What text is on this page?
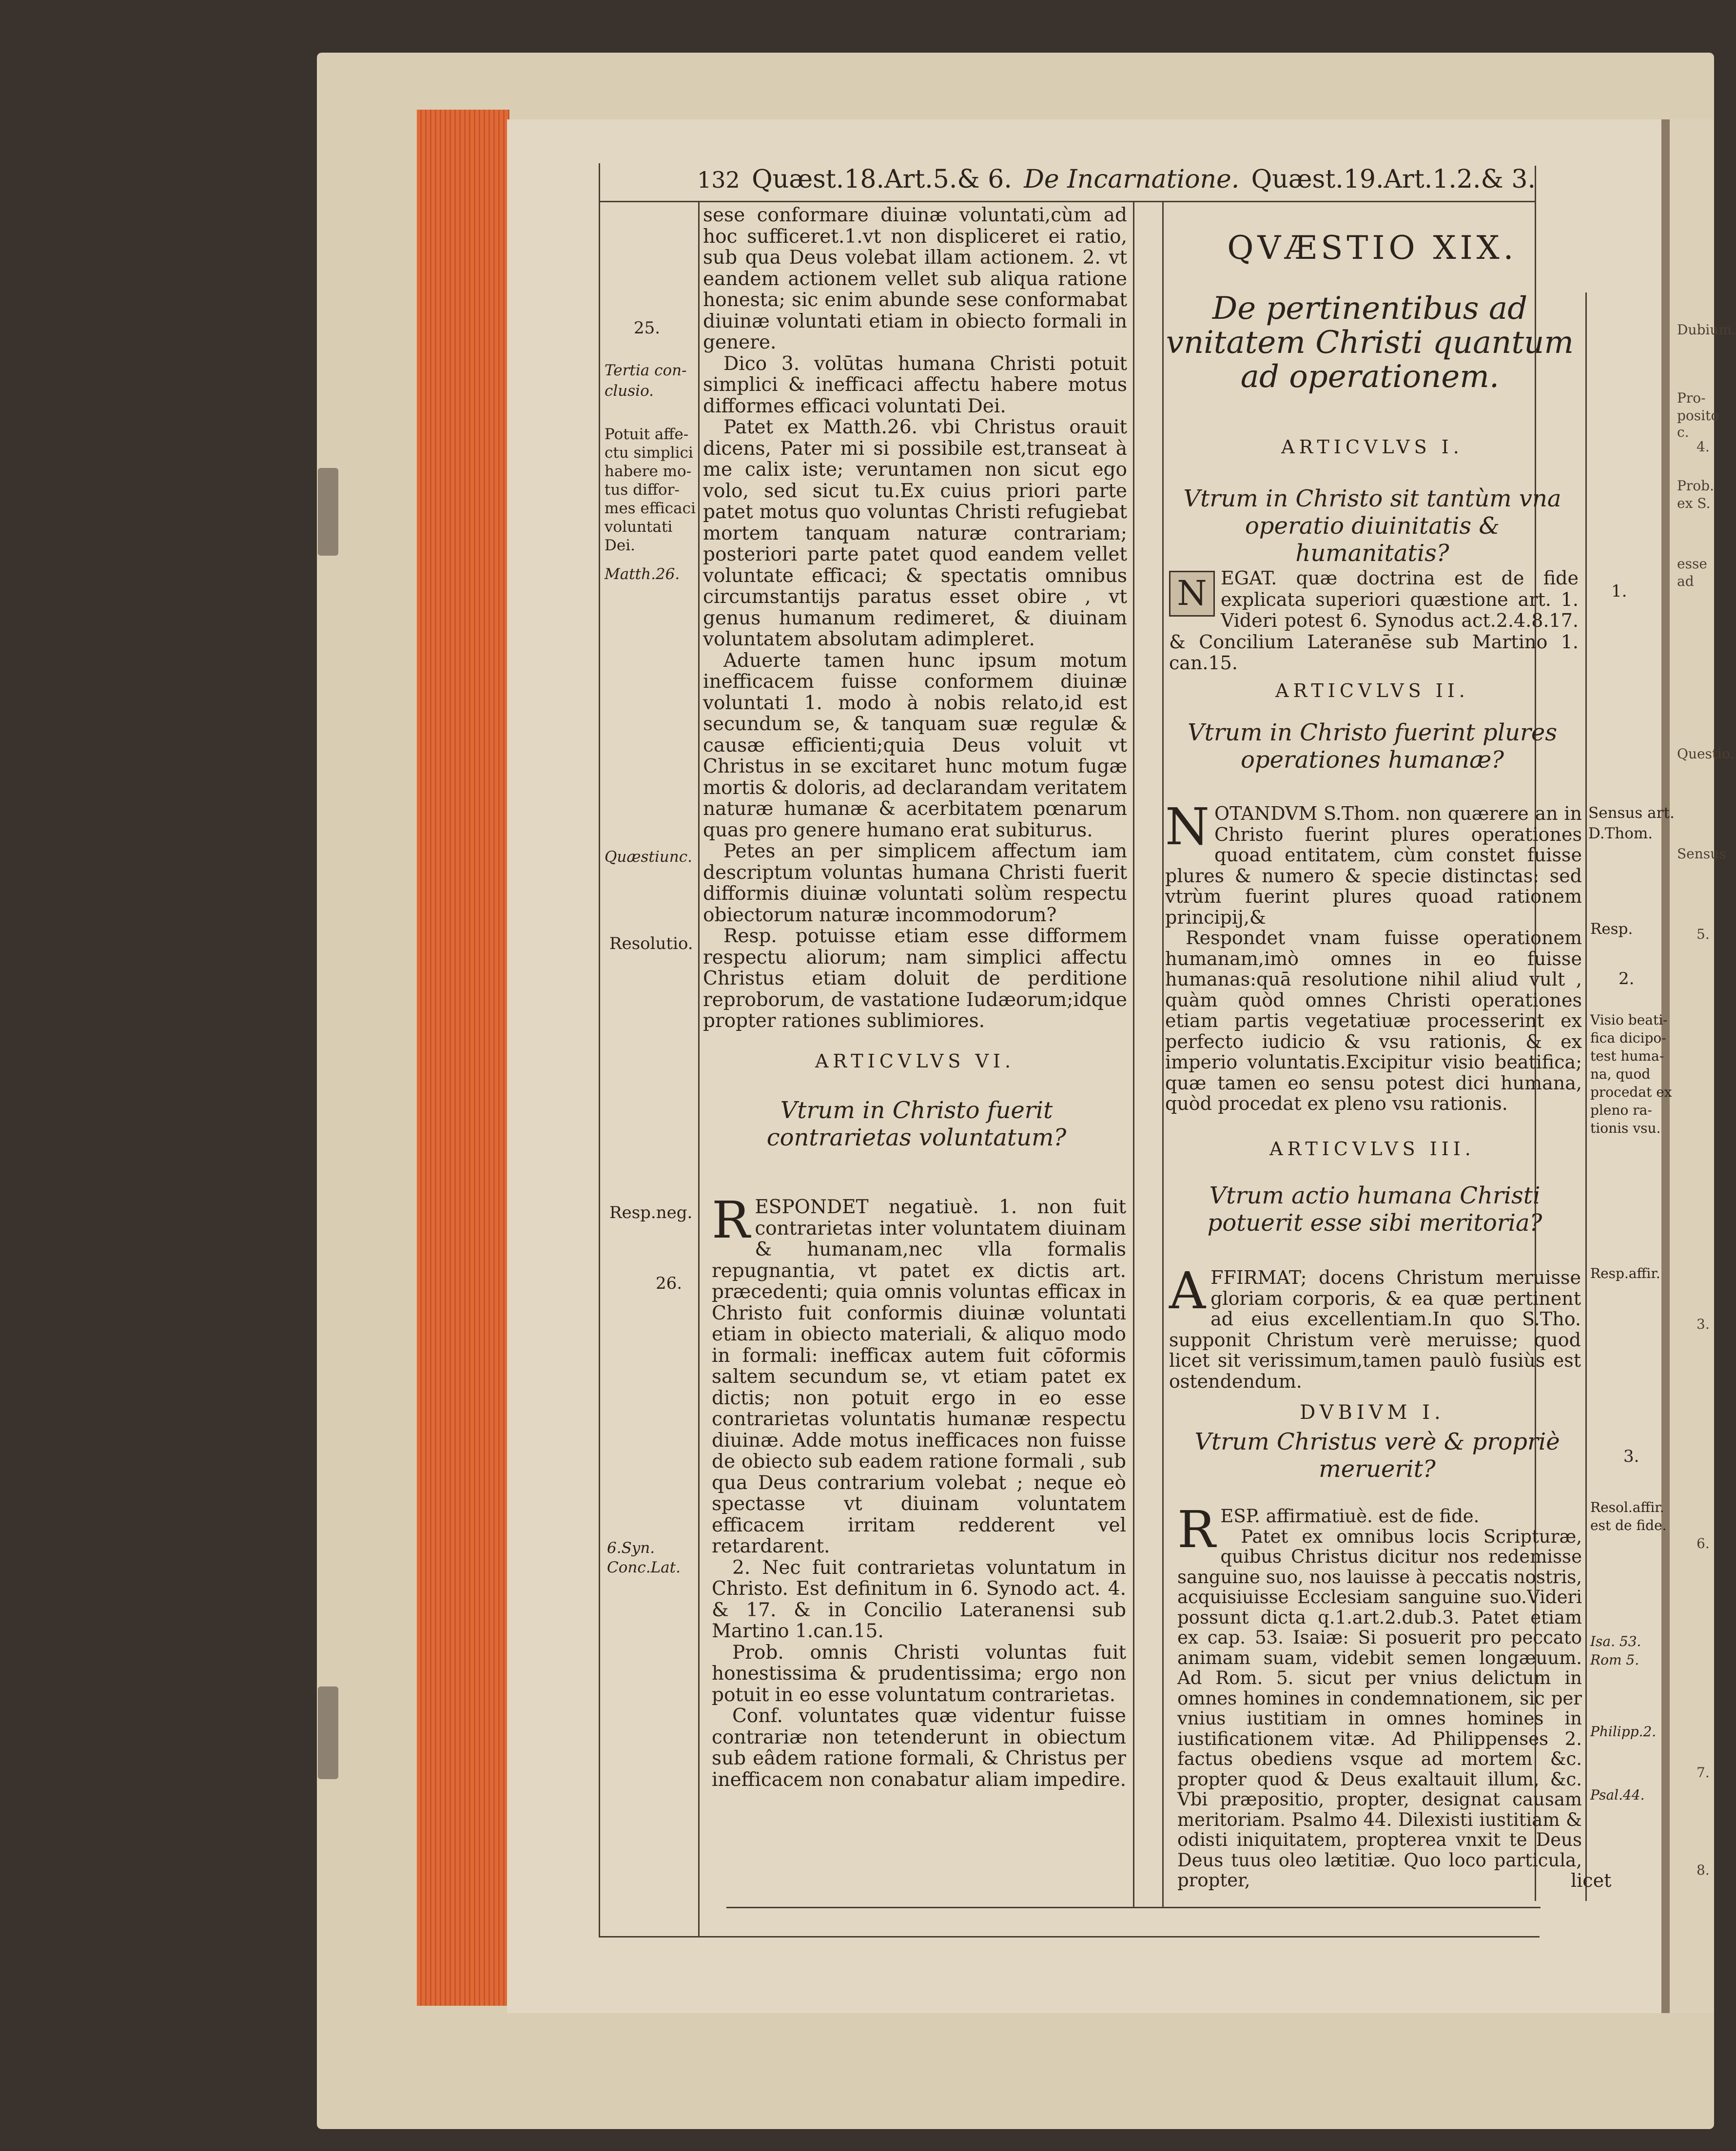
132 Quæst.18.Art.5.& 6. De Incarnatione. Quæst.19.Art.1.2.& 3.

25.

Tertia con-

clusio.

Potuit affe-

ctu simplici

habere mo-

tus diffor-

mes efficaci

voluntati

Dei.

Matth.26.

Quæstiunc.

Resolutio.

Resp.neg.

26.

6.Syn.

Conc.Lat.

sese conformare diuinæ voluntati,cùm ad hoc sufficeret.1.vt non displiceret ei ratio, sub qua Deus volebat illam actionem. 2. vt eandem actionem vellet sub aliqua ratione honesta; sic enim abunde sese conformabat diuinæ voluntati etiam in obiecto formali in genere.

Dico 3. volūtas humana Christi potuit simplici & inefficaci affectu habere motus difformes efficaci voluntati Dei.

Patet ex Matth.26. vbi Christus orauit dicens, Pater mi si possibile est,transeat à me calix iste; veruntamen non sicut ego volo, sed sicut tu.Ex cuius priori parte patet motus quo voluntas Christi refugiebat mortem tanquam naturæ contrariam; posteriori parte patet quod eandem vellet voluntate efficaci; & spectatis omnibus circumstantijs paratus esset obire , vt genus humanum redimeret, & diuinam voluntatem absolutam adimpleret.

Aduerte tamen hunc ipsum motum inefficacem fuisse conformem diuinæ voluntati 1. modo à nobis relato,id est secundum se, & tanquam suæ regulæ & causæ efficienti;quia Deus voluit vt Christus in se excitaret hunc motum fugæ mortis & doloris, ad declarandam veritatem naturæ humanæ & acerbitatem pœnarum quas pro genere humano erat subiturus.

Petes an per simplicem affectum iam descriptum voluntas humana Christi fuerit difformis diuinæ voluntati solùm respectu obiectorum naturæ incommodorum?

Resp. potuisse etiam esse difformem respectu aliorum; nam simplici affectu Christus etiam doluit de perditione reproborum, de vastatione Iudæorum;idque propter rationes sublimiores.

ARTICVLVS VI.

Vtrum in Christo fuerit contrarietas voluntatum?

RESPONDET negatiuè. 1. non fuit contrarietas inter voluntatem diuinam & humanam,nec vlla formalis repugnantia, vt patet ex dictis art. præcedenti; quia omnis voluntas efficax in Christo fuit conformis diuinæ voluntati etiam in obiecto materiali, & aliquo modo in formali: inefficax autem fuit cōformis saltem secundum se, vt etiam patet ex dictis; non potuit ergo in eo esse contrarietas voluntatis humanæ respectu diuinæ. Adde motus inefficaces non fuisse de obiecto sub eadem ratione formali , sub qua Deus contrarium volebat ; neque eò spectasse vt diuinam voluntatem efficacem irritam redderent vel retardarent.

2. Nec fuit contrarietas voluntatum in Christo. Est definitum in 6. Synodo act. 4. & 17. & in Concilio Lateranensi sub Martino 1.can.15.

Prob. omnis Christi voluntas fuit honestissima & prudentissima; ergo non potuit in eo esse voluntatum contrarietas.

Conf. voluntates quæ videntur fuisse contrariæ non tetenderunt in obiectum sub eâdem ratione formali, & Christus per inefficacem non conabatur aliam impedire.

QVÆSTIO XIX.

De pertinentibus ad vnitatem Christi quantum ad operationem.

ARTICVLVS I.

Vtrum in Christo sit tantùm vna operatio diuinitatis & humanitatis?

N EGAT. quæ doctrina est de fide explicata superiori quæstione art. 1. Videri potest 6. Synodus act.2.4.8.17. & Concilium Lateranēse sub Martino 1. can.15.

ARTICVLVS II.

Vtrum in Christo fuerint plures operationes humanæ?

NOTANDVM S.Thom. non quærere an in Christo fuerint plures operationes quoad entitatem, cùm constet fuisse plures & numero & specie distinctas: sed vtrùm fuerint plures quoad rationem principij,&

Respondet vnam fuisse operationem humanam,imò omnes in eo fuisse humanas:quā resolutione nihil aliud vult , quàm quòd omnes Christi operationes etiam partis vegetatiuæ processerint ex perfecto iudicio & vsu rationis, & ex imperio voluntatis.Excipitur visio beatifica; quæ tamen eo sensu potest dici humana, quòd procedat ex pleno vsu rationis.

ARTICVLVS III.

Vtrum actio humana Christi potuerit esse sibi meritoria?

AFFIRMAT; docens Christum meruisse gloriam corporis, & ea quæ pertinent ad eius excellentiam.In quo S.Tho. supponit Christum verè meruisse; quod licet sit verissimum,tamen paulò fusiùs est ostendendum.

DVBIVM I.

Vtrum Christus verè & propriè meruerit?

RESP. affirmatiuè. est de fide.

Patet ex omnibus locis Scripturæ, quibus Christus dicitur nos redemisse sanguine suo, nos lauisse à peccatis nostris, acquisiuisse Ecclesiam sanguine suo.Videri possunt dicta q.1.art.2.dub.3. Patet etiam ex cap. 53. Isaiæ: Si posuerit pro peccato animam suam, videbit semen longæuum. Ad Rom. 5. sicut per vnius delictum in omnes homines in condemnationem, sic per vnius iustitiam in omnes homines in iustificationem vitæ. Ad Philippenses 2. factus obediens vsque ad mortem &c. propter quod & Deus exaltauit illum, &c. Vbi præpositio, propter, designat causam meritoriam. Psalmo 44. Dilexisti iustitiam & odisti iniquitatem, propterea vnxit te Deus Deus tuus oleo lætitiæ. Quo loco particula, propter,	licet

1.

Sensus art.

D.Thom.

Resp.

2.

Visio beati-

fica dicipo-

test huma-

na, quod

procedat ex

pleno ra-

tionis vsu.

Resp.affir.

3.

Resol.affir.

est de fide.

Isa. 53.

Rom 5.

Philipp.2.

Psal.44.

Dubium.
Pro-
posito c.
4.
Prob.
ex S.
esse
ad
Questio.
Sensus
3.
5.
6.
7.
8.
